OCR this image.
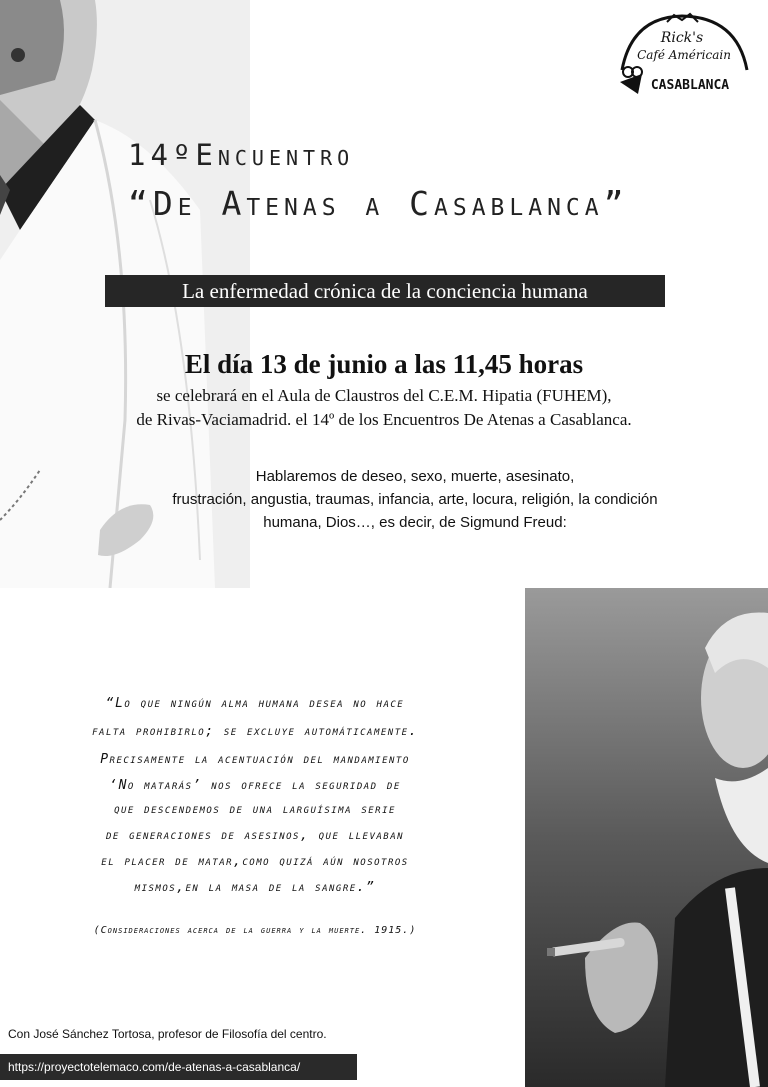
Rick's
Café Américain
CASABLANCA
14ºEncuentro
“De Atenas a Casablanca”
La enfermedad crónica de la conciencia humana
El día 13 de junio a las 11,45 horas
se celebrará en el Aula de Claustros del C.E.M. Hipatia (FUHEM),
de Rivas-Vaciamadrid. el 14º de los Encuentros De Atenas a Casablanca.
Hablaremos de deseo, sexo, muerte, asesinato,
frustración, angustia, traumas, infancia, arte, locura, religión, la condición
humana, Dios…, es decir, de Sigmund Freud:
“Lo que ningún alma humana desea no hace
falta prohibirlo; se excluye automáticamente.
Precisamente la acentuación del mandamiento
‘No matarás’ nos ofrece la seguridad de
que descendemos de una larguísima serie
de generaciones de asesinos, que llevaban
el placer de matar,como quizá aún nosotros
mismos,en la masa de la sangre.”
(Consideraciones acerca de la guerra y la muerte. 1915.)
Con José Sánchez Tortosa, profesor de Filosofía del centro.
https://proyectotelemaco.com/de-atenas-a-casablanca/
